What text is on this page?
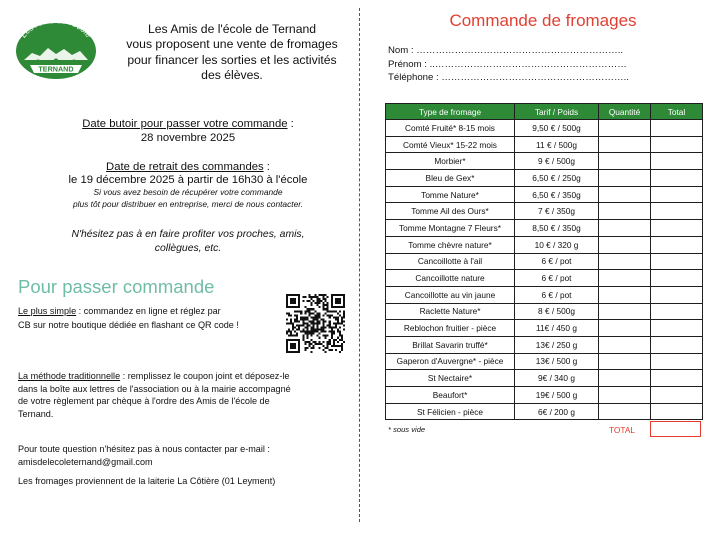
Les Amis de l'école
TERNAND
Les Amis de l'école de Ternand
vous proposent une vente de fromages
pour financer les sorties et les activités
des élèves.
Date butoir pour passer votre commande :
28 novembre 2025
Date de retrait des commandes :
le 19 décembre 2025 à partir de 16h30 à l'école
Si vous avez besoin de récupérer votre commande
plus tôt pour distribuer en entreprise, merci de nous contacter.
N'hésitez pas à en faire profiter vos proches, amis,
collègues, etc.
Pour passer commande
Le plus simple : commandez en ligne et réglez par
CB sur notre boutique dédiée en flashant ce QR code !
La méthode traditionnelle : remplissez le coupon joint et déposez-le
dans la boîte aux lettres de l'association ou à la mairie accompagné
de votre règlement par chèque à l'ordre des Amis de l'école de
Ternand.
Pour toute question n'hésitez pas à nous contacter par e-mail :
amisdelecoleternand@gmail.com
Les fromages proviennent de la laiterie La Côtière (01 Leyment)
Commande de fromages
Nom : ………………………………………………………..
Prénom : ..……………………………………………………
Téléphone : …………………………………………………..
Type de fromage	Tarif / Poids	Quantité	Total
Comté Fruité* 8-15 mois	9,50 € / 500g		
Comté Vieux* 15-22 mois	11 € / 500g		
Morbier*	9 € / 500g		
Bleu de Gex*	6,50 € / 250g		
Tomme Nature*	6,50 € / 350g		
Tomme Ail des Ours*	7 € / 350g		
Tomme Montagne 7 Fleurs*	8,50 € / 350g		
Tomme chèvre nature*	10 € / 320 g		
Cancoillotte à l'ail	6 € / pot		
Cancoillotte nature	6 € / pot		
Cancoillotte au vin jaune	6 € / pot		
Raclette Nature*	8 € / 500g		
Reblochon fruitier - pièce	11€ / 450 g		
Brillat Savarin truffé*	13€ / 250 g		
Gaperon d'Auvergne* - pièce	13€ / 500 g		
St Nectaire*	9€ / 340 g		
Beaufort*	19€ / 500 g		
St Félicien - pièce	6€ / 200 g		
* sous vide	TOTAL
